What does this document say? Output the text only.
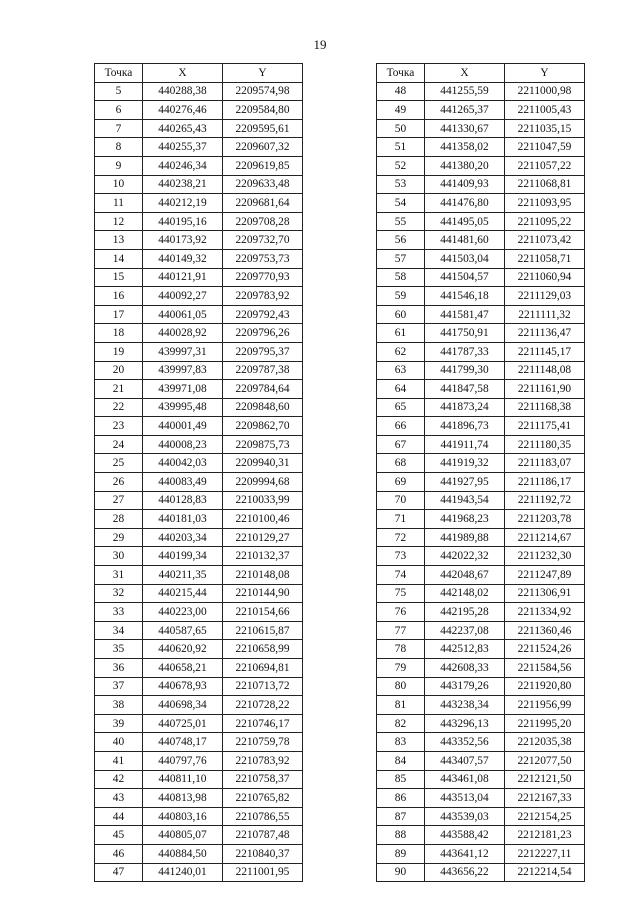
19
Точка	X	Y
5	440288,38	2209574,98
6	440276,46	2209584,80
7	440265,43	2209595,61
8	440255,37	2209607,32
9	440246,34	2209619,85
10	440238,21	2209633,48
11	440212,19	2209681,64
12	440195,16	2209708,28
13	440173,92	2209732,70
14	440149,32	2209753,73
15	440121,91	2209770,93
16	440092,27	2209783,92
17	440061,05	2209792,43
18	440028,92	2209796,26
19	439997,31	2209795,37
20	439997,83	2209787,38
21	439971,08	2209784,64
22	439995,48	2209848,60
23	440001,49	2209862,70
24	440008,23	2209875,73
25	440042,03	2209940,31
26	440083,49	2209994,68
27	440128,83	2210033,99
28	440181,03	2210100,46
29	440203,34	2210129,27
30	440199,34	2210132,37
31	440211,35	2210148,08
32	440215,44	2210144,90
33	440223,00	2210154,66
34	440587,65	2210615,87
35	440620,92	2210658,99
36	440658,21	2210694,81
37	440678,93	2210713,72
38	440698,34	2210728,22
39	440725,01	2210746,17
40	440748,17	2210759,78
41	440797,76	2210783,92
42	440811,10	2210758,37
43	440813,98	2210765,82
44	440803,16	2210786,55
45	440805,07	2210787,48
46	440884,50	2210840,37
47	441240,01	2211001,95
Точка	X	Y
48	441255,59	2211000,98
49	441265,37	2211005,43
50	441330,67	2211035,15
51	441358,02	2211047,59
52	441380,20	2211057,22
53	441409,93	2211068,81
54	441476,80	2211093,95
55	441495,05	2211095,22
56	441481,60	2211073,42
57	441503,04	2211058,71
58	441504,57	2211060,94
59	441546,18	2211129,03
60	441581,47	2211111,32
61	441750,91	2211136,47
62	441787,33	2211145,17
63	441799,30	2211148,08
64	441847,58	2211161,90
65	441873,24	2211168,38
66	441896,73	2211175,41
67	441911,74	2211180,35
68	441919,32	2211183,07
69	441927,95	2211186,17
70	441943,54	2211192,72
71	441968,23	2211203,78
72	441989,88	2211214,67
73	442022,32	2211232,30
74	442048,67	2211247,89
75	442148,02	2211306,91
76	442195,28	2211334,92
77	442237,08	2211360,46
78	442512,83	2211524,26
79	442608,33	2211584,56
80	443179,26	2211920,80
81	443238,34	2211956,99
82	443296,13	2211995,20
83	443352,56	2212035,38
84	443407,57	2212077,50
85	443461,08	2212121,50
86	443513,04	2212167,33
87	443539,03	2212154,25
88	443588,42	2212181,23
89	443641,12	2212227,11
90	443656,22	2212214,54
